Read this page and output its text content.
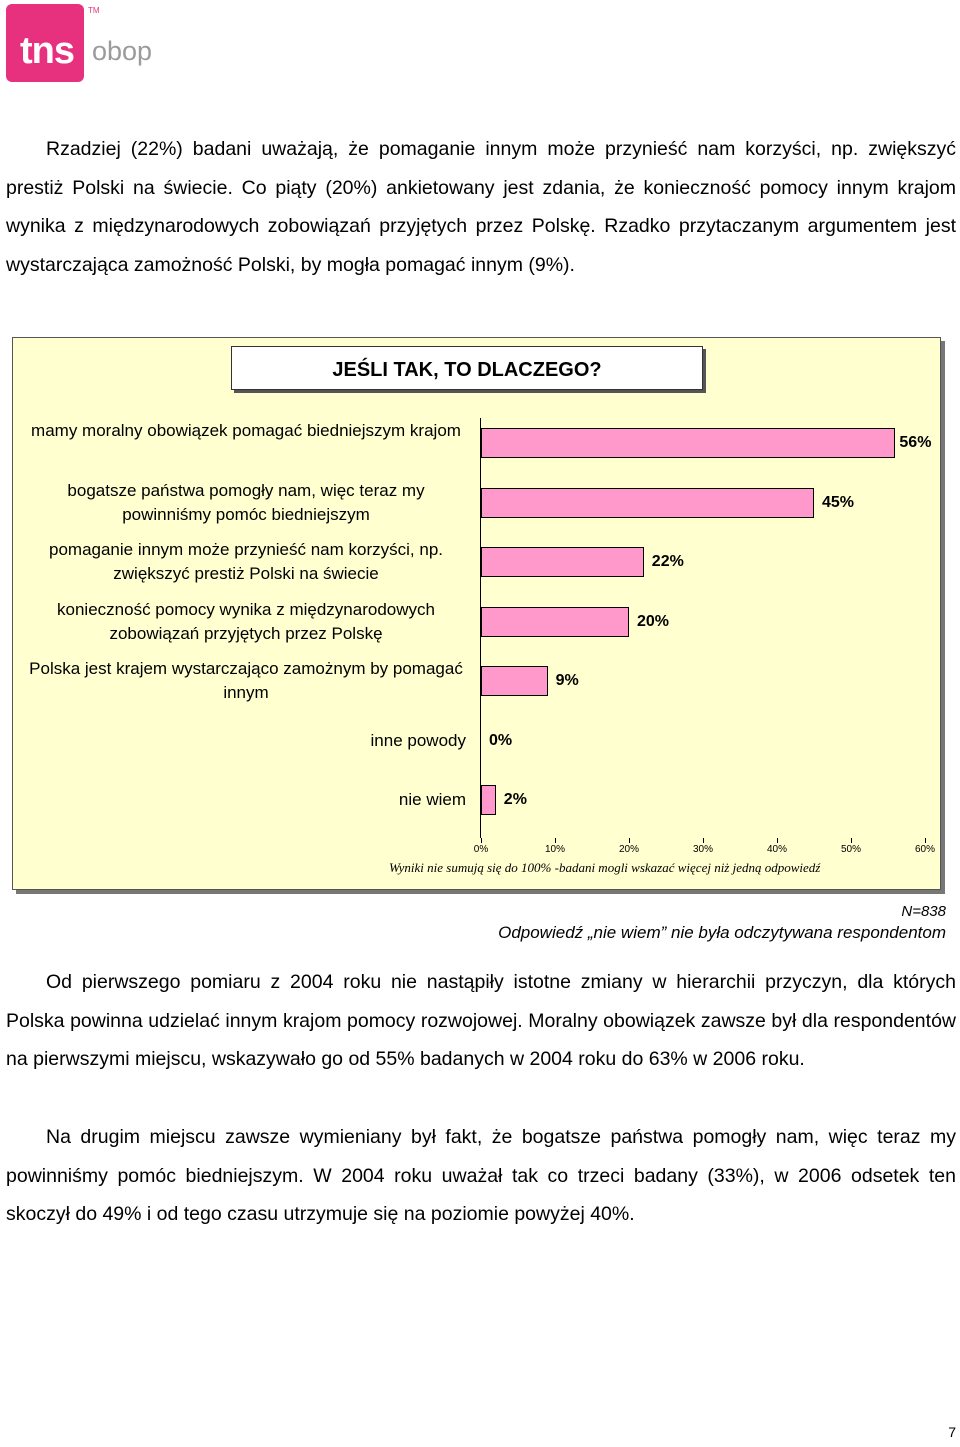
tns
TM
obop

Rzadziej (22%) badani uważają, że pomaganie innym może przynieść nam korzyści, np. zwiększyć prestiż Polski na świecie. Co piąty (20%) ankietowany jest zdania, że konieczność pomocy innym krajom wynika z międzynarodowych zobowiązań przyjętych przez Polskę. Rzadko przytaczanym argumentem jest wystarczająca zamożność Polski, by mogła pomagać innym (9%).

JEŚLI TAK, TO DLACZEGO?
Wyniki nie sumują się do 100% -badani mogli wskazać więcej niż jedną odpowiedź
mamy moralny obowiązek pomagać biedniejszym krajom
56%
bogatsze państwa pomogły nam, więc teraz my powinniśmy pomóc biedniejszym
45%
pomaganie innym może przynieść nam korzyści, np. zwiększyć prestiż Polski na świecie
22%
konieczność pomocy wynika z międzynarodowych zobowiązań przyjętych przez Polskę
20%
Polska jest krajem wystarczająco zamożnym by pomagać innym
9%
inne powody 0%
nie wiem 2%
0%	10%	20%	30%	40%	50%	60%
N=838
Odpowiedź „nie wiem” nie była odczytywana respondentom

Od pierwszego pomiaru z 2004 roku nie nastąpiły istotne zmiany w hierarchii przyczyn, dla których Polska powinna udzielać innym krajom pomocy rozwojowej. Moralny obowiązek zawsze był dla respondentów na pierwszymi miejscu, wskazywało go od 55% badanych w 2004 roku do 63% w 2006 roku.

Na drugim miejscu zawsze wymieniany był fakt, że bogatsze państwa pomogły nam, więc teraz my powinniśmy pomóc biedniejszym. W 2004 roku uważał tak co trzeci badany (33%), w 2006 odsetek ten skoczył do 49% i od tego czasu utrzymuje się na poziomie powyżej 40%.

7
